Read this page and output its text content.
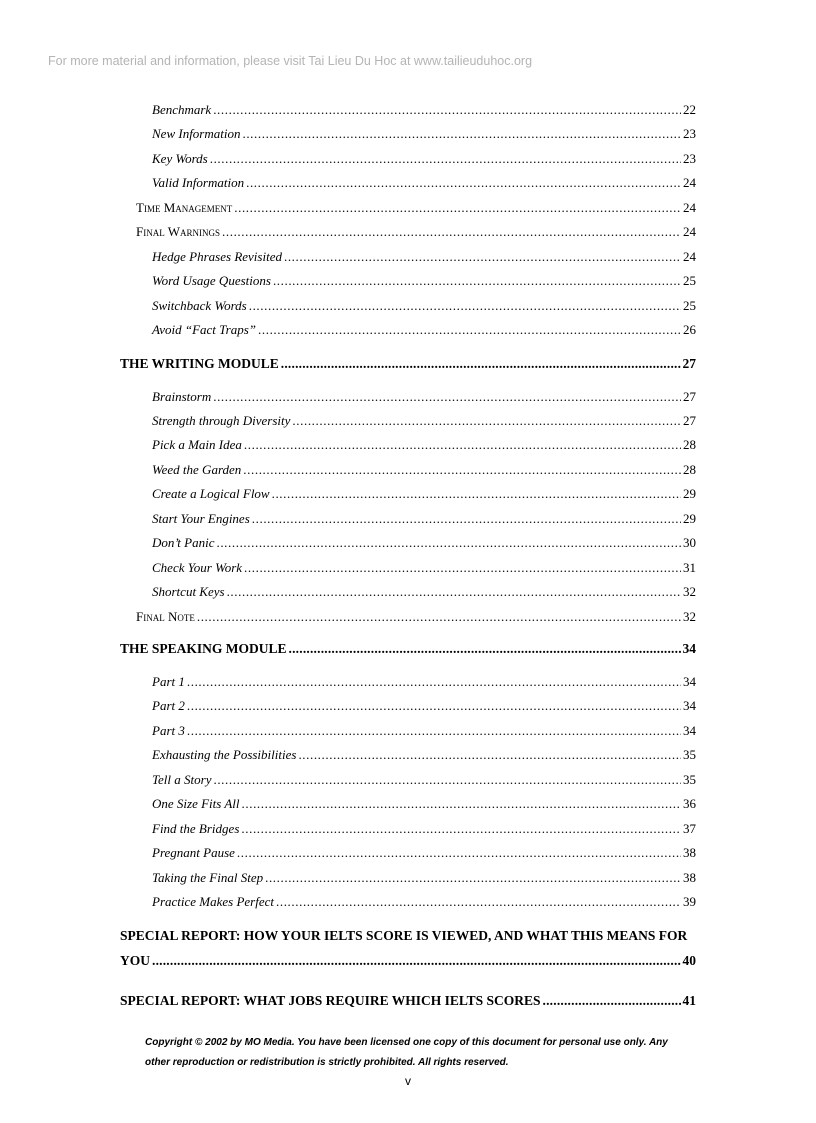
For more material and information, please visit Tai Lieu Du Hoc at www.tailieuduhoc.org
Benchmark .....	22
New Information .....	23
Key Words .....	23
Valid Information .....	24
Time Management .....	24
Final Warnings .....	24
Hedge Phrases Revisited .....	24
Word Usage Questions .....	25
Switchback Words .....	25
Avoid “Fact Traps” .....	26
THE WRITING MODULE .....	27
Brainstorm .....	27
Strength through Diversity .....	27
Pick a Main Idea .....	28
Weed the Garden .....	28
Create a Logical Flow .....	29
Start Your Engines .....	29
Don’t Panic .....	30
Check Your Work .....	31
Shortcut Keys .....	32
Final Note .....	32
THE SPEAKING MODULE .....	34
Part 1 .....	34
Part 2 .....	34
Part 3 .....	34
Exhausting the Possibilities .....	35
Tell a Story .....	35
One Size Fits All .....	36
Find the Bridges .....	37
Pregnant Pause .....	38
Taking the Final Step .....	38
Practice Makes Perfect .....	39
SPECIAL REPORT: HOW YOUR IELTS SCORE IS VIEWED, AND WHAT THIS MEANS FOR
YOU .....	40
SPECIAL REPORT: WHAT JOBS REQUIRE WHICH IELTS SCORES .....	41
Copyright © 2002 by MO Media. You have been licensed one copy of this document for personal use only. Any
other reproduction or redistribution is strictly prohibited. All rights reserved.
v
